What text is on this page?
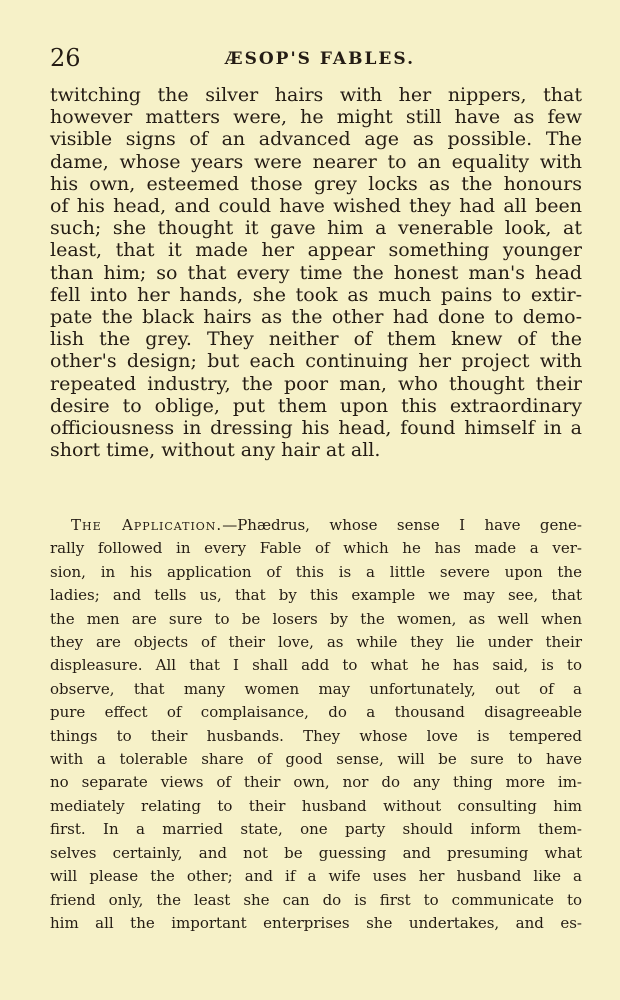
26	ÆSOP'S FABLES.
twitching the silver hairs with her nippers, that
however matters were, he might still have as few
visible signs of an advanced age as possible. The
dame, whose years were nearer to an equality with
his own, esteemed those grey locks as the honours
of his head, and could have wished they had all been
such; she thought it gave him a venerable look, at
least, that it made her appear something younger
than him; so that every time the honest man's head
fell into her hands, she took as much pains to extir-
pate the black hairs as the other had done to demo-
lish the grey. They neither of them knew of the
other's design; but each continuing her project with
repeated industry, the poor man, who thought their
desire to oblige, put them upon this extraordinary
officiousness in dressing his head, found himself in a
short time, without any hair at all.
The Application.—Phædrus, whose sense I have gene-
rally followed in every Fable of which he has made a ver-
sion, in his application of this is a little severe upon the
ladies; and tells us, that by this example we may see, that
the men are sure to be losers by the women, as well when
they are objects of their love, as while they lie under their
displeasure. All that I shall add to what he has said, is to
observe, that many women may unfortunately, out of a
pure effect of complaisance, do a thousand disagreeable
things to their husbands. They whose love is tempered
with a tolerable share of good sense, will be sure to have
no separate views of their own, nor do any thing more im-
mediately relating to their husband without consulting him
first. In a married state, one party should inform them-
selves certainly, and not be guessing and presuming what
will please the other; and if a wife uses her husband like a
friend only, the least she can do is first to communicate to
him all the important enterprises she undertakes, and es-
